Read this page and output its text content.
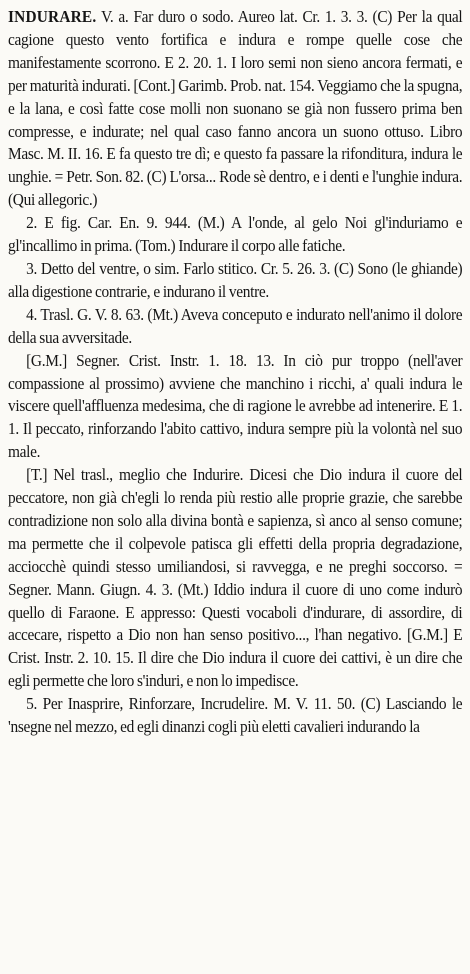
INDURARE. V. a. Far duro o sodo. Aureo lat. Cr. 1. 3. 3. (C) Per la qual cagione questo vento fortifica e indura e rompe quelle cose che manifestamente scorrono. E 2. 20. 1. I loro semi non sieno ancora fermati, e per maturità indurati. [Cont.] Garimb. Prob. nat. 154. Veggiamo che la spugna, e la lana, e così fatte cose molli non suonano se già non fussero prima ben compresse, e indurate; nel qual caso fanno ancora un suono ottuso. Libro Masc. M. II. 16. E fa questo tre dì; e questo fa passare la rifonditura, indura le unghie. = Petr. Son. 82. (C) L'orsa... Rode sè dentro, e i denti e l'unghie indura. (Qui allegoric.)

2. E fig. Car. En. 9. 944. (M.) A l'onde, al gelo Noi gl'induriamo e gl'incallimo in prima. (Tom.) Indurare il corpo alle fatiche.

3. Detto del ventre, o sim. Farlo stitico. Cr. 5. 26. 3. (C) Sono (le ghiande) alla digestione contrarie, e indurano il ventre.

4. Trasl. G. V. 8. 63. (Mt.) Aveva conceputo e indurato nell'animo il dolore della sua avversitade.

[G.M.] Segner. Crist. Instr. 1. 18. 13. In ciò pur troppo (nell'aver compassione al prossimo) avviene che manchino i ricchi, a' quali indura le viscere quell'affluenza medesima, che di ragione le avrebbe ad intenerire. E 1. 1. Il peccato, rinforzando l'abito cattivo, indura sempre più la volontà nel suo male.

[T.] Nel trasl., meglio che Indurire. Dicesi che Dio indura il cuore del peccatore, non già ch'egli lo renda più restio alle proprie grazie, che sarebbe contradizione non solo alla divina bontà e sapienza, sì anco al senso comune; ma permette che il colpevole patisca gli effetti della propria degradazione, acciocchè quindi stesso umiliandosi, si ravvegga, e ne preghi soccorso. = Segner. Mann. Giugn. 4. 3. (Mt.) Iddio indura il cuore di uno come indurò quello di Faraone. E appresso: Questi vocaboli d'indurare, di assordire, di accecare, rispetto a Dio non han senso positivo..., l'han negativo. [G.M.] E Crist. Instr. 2. 10. 15. Il dire che Dio indura il cuore dei cattivi, è un dire che egli permette che loro s'induri, e non lo impedisce.

5. Per Inasprire, Rinforzare, Incrudelire. M. V. 11. 50. (C) Lasciando le 'nsegne nel mezzo, ed egli dinanzi cogli più eletti cavalieri indurando la
